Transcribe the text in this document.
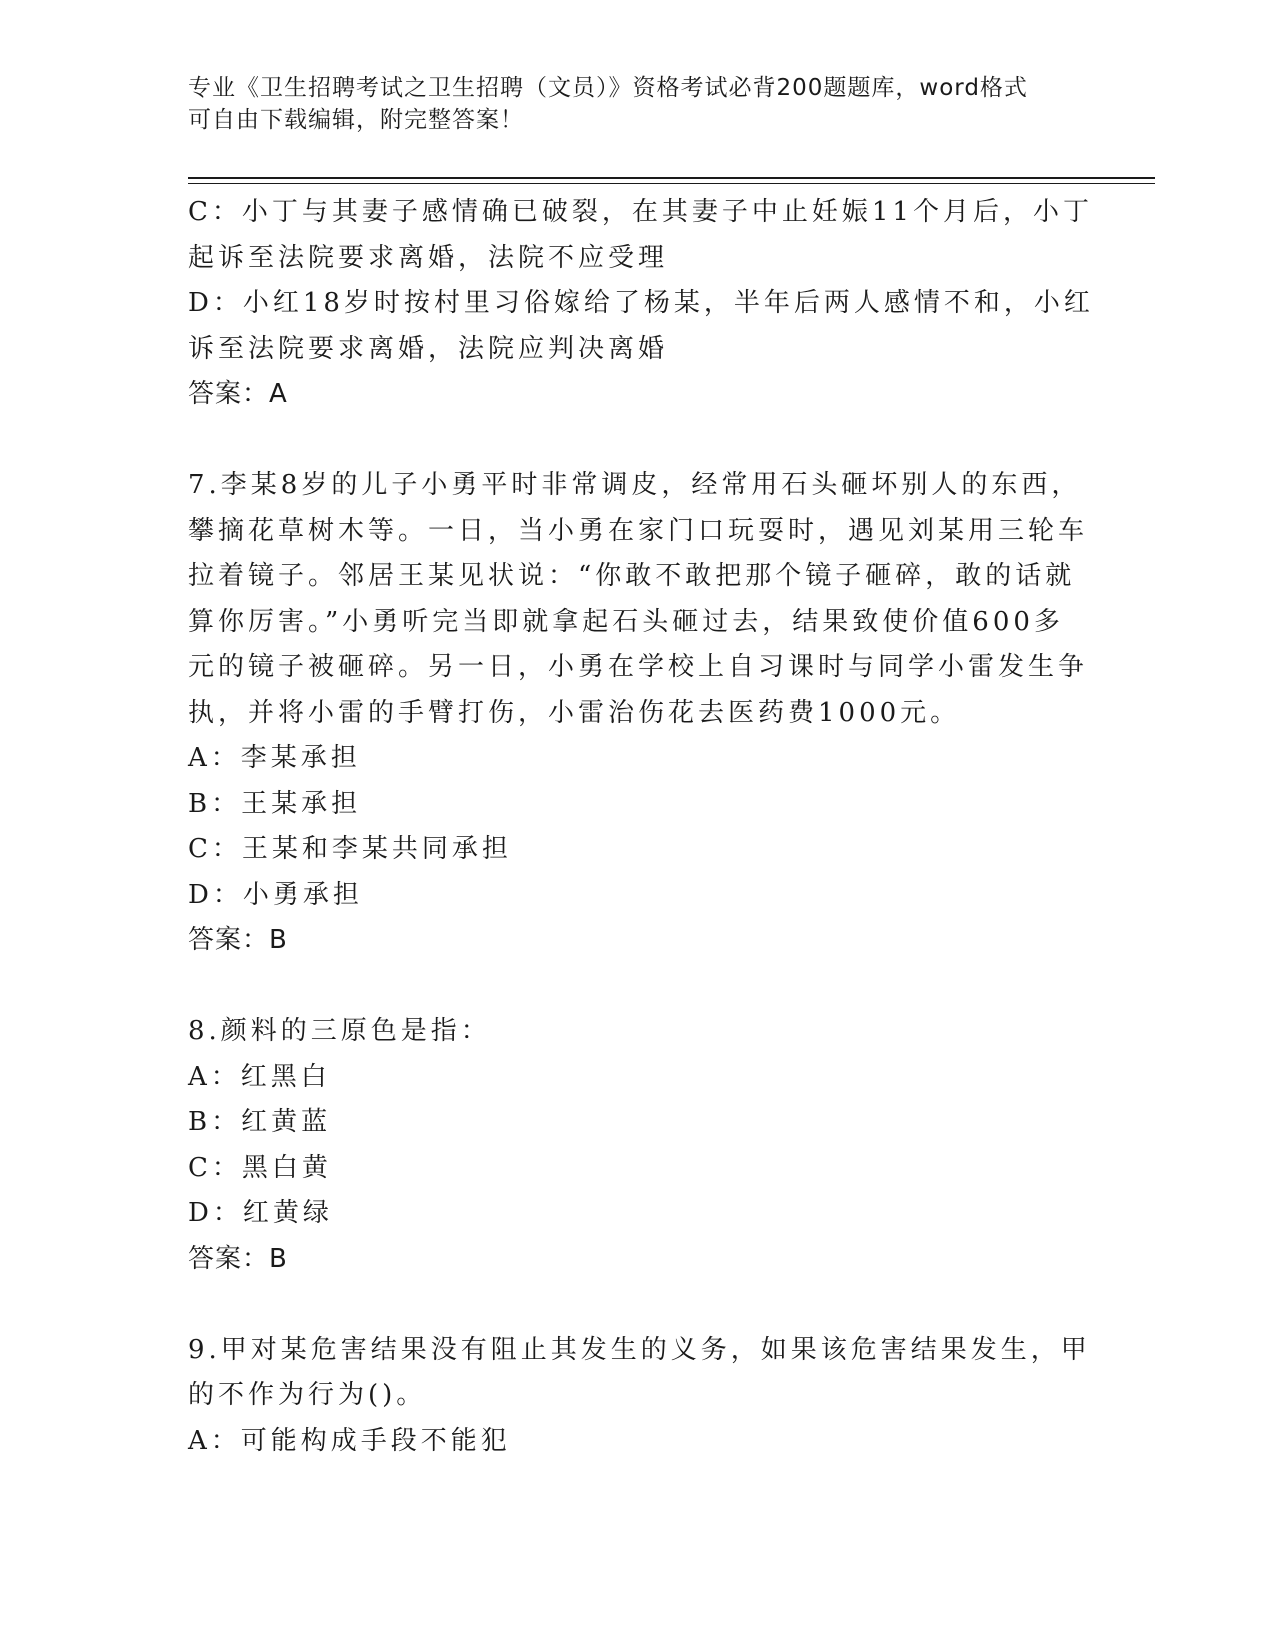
专业《卫生招聘考试之卫生招聘（文员）》资格考试必背200题题库，word格式
可自由下载编辑，附完整答案！
C：小丁与其妻子感情确已破裂，在其妻子中止妊娠11个月后，小丁
起诉至法院要求离婚，法院不应受理
D：小红18岁时按村里习俗嫁给了杨某，半年后两人感情不和，小红
诉至法院要求离婚，法院应判决离婚
答案：A
7.李某8岁的儿子小勇平时非常调皮，经常用石头砸坏别人的东西，
攀摘花草树木等。一日，当小勇在家门口玩耍时，遇见刘某用三轮车
拉着镜子。邻居王某见状说：“你敢不敢把那个镜子砸碎，敢的话就
算你厉害。”小勇听完当即就拿起石头砸过去，结果致使价值600多
元的镜子被砸碎。另一日，小勇在学校上自习课时与同学小雷发生争
执，并将小雷的手臂打伤，小雷治伤花去医药费1000元。
A：李某承担
B：王某承担
C：王某和李某共同承担
D：小勇承担
答案：B
8.颜料的三原色是指：
A：红黑白
B：红黄蓝
C：黑白黄
D：红黄绿
答案：B
9.甲对某危害结果没有阻止其发生的义务，如果该危害结果发生，甲
的不作为行为()。
A：可能构成手段不能犯
